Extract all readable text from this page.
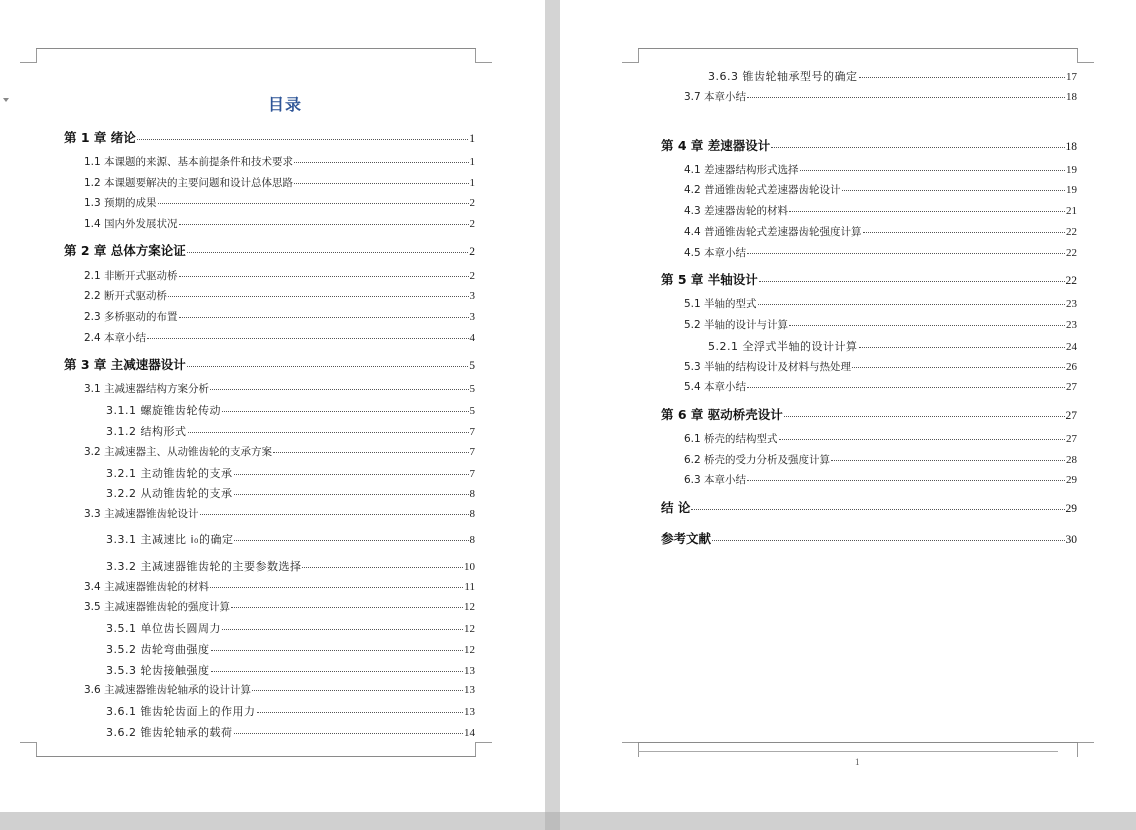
目录
1
第 1 章 绪论	1
1.1 本课题的来源、基本前提条件和技术要求	1
1.2 本课题要解决的主要问题和设计总体思路	1
1.3 预期的成果	2
1.4 国内外发展状况	2
第 2 章 总体方案论证	2
2.1 非断开式驱动桥	2
2.2 断开式驱动桥	3
2.3 多桥驱动的布置	3
2.4 本章小结	4
第 3 章 主减速器设计	5
3.1 主减速器结构方案分析	5
3.1.1 螺旋锥齿轮传动	5
3.1.2 结构形式	7
3.2 主减速器主、从动锥齿轮的支承方案	7
3.2.1 主动锥齿轮的支承	7
3.2.2 从动锥齿轮的支承	8
3.3 主减速器锥齿轮设计	8
3.3.1 主减速比 i₀的确定	8
3.3.2 主减速器锥齿轮的主要参数选择	10
3.4 主减速器锥齿轮的材料	11
3.5 主减速器锥齿轮的强度计算	12
3.5.1 单位齿长圆周力	12
3.5.2 齿轮弯曲强度	12
3.5.3 轮齿接触强度	13
3.6 主减速器锥齿轮轴承的设计计算	13
3.6.1 锥齿轮齿面上的作用力	13
3.6.2 锥齿轮轴承的载荷	14
3.6.3 锥齿轮轴承型号的确定	17
3.7 本章小结	18
第 4 章 差速器设计	18
4.1 差速器结构形式选择	19
4.2 普通锥齿轮式差速器齿轮设计	19
4.3 差速器齿轮的材料	21
4.4 普通锥齿轮式差速器齿轮强度计算	22
4.5 本章小结	22
第 5 章 半轴设计	22
5.1 半轴的型式	23
5.2 半轴的设计与计算	23
5.2.1 全浮式半轴的设计计算	24
5.3 半轴的结构设计及材料与热处理	26
5.4 本章小结	27
第 6 章 驱动桥壳设计	27
6.1 桥壳的结构型式	27
6.2 桥壳的受力分析及强度计算	28
6.3 本章小结	29
结 论	29
参考文献	30
